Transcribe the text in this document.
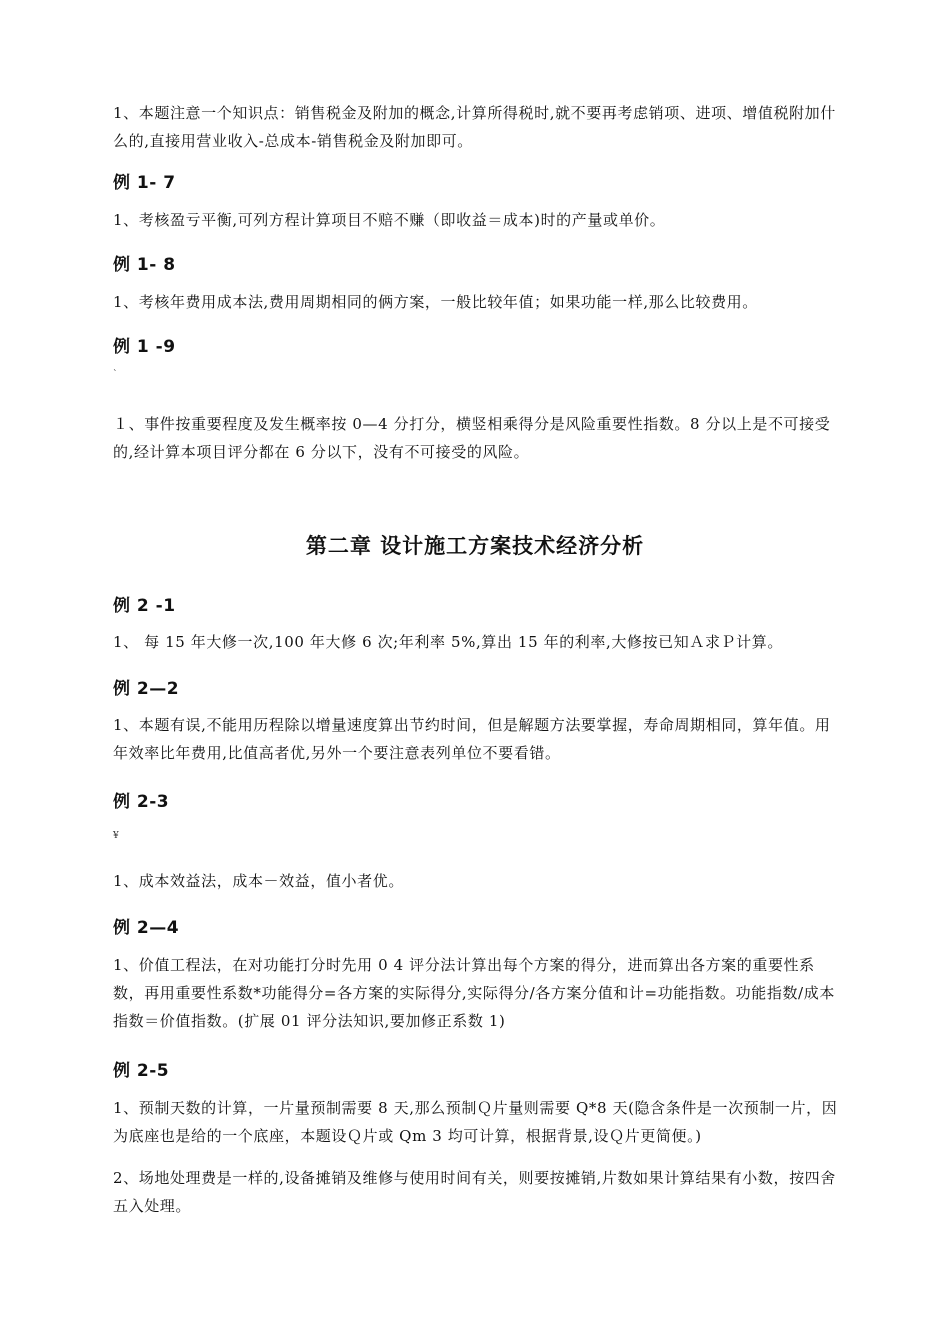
1、本题注意一个知识点：销售税金及附加的概念,计算所得税时,就不要再考虑销项、进项、增值税附加什么的,直接用营业收入-总成本-销售税金及附加即可。
例 1- 7
1、考核盈亏平衡,可列方程计算项目不赔不赚（即收益＝成本)时的产量或单价。
例 1- 8
1、考核年费用成本法,费用周期相同的俩方案，一般比较年值；如果功能一样,那么比较费用。
例 1 -9
`
１、事件按重要程度及发生概率按 0—4 分打分，横竖相乘得分是风险重要性指数。8 分以上是不可接受的,经计算本项目评分都在 6 分以下，没有不可接受的风险。
第二章 设计施工方案技术经济分析
例 2 -1
1、 每 15 年大修一次,100 年大修 6 次;年利率 5%,算出 15 年的利率,大修按已知Ａ求Ｐ计算。
例 2—2
1、本题有误,不能用历程除以增量速度算出节约时间，但是解题方法要掌握，寿命周期相同，算年值。用年效率比年费用,比值高者优,另外一个要注意表列单位不要看错。
例 2-3
¥
1、成本效益法，成本－效益，值小者优。
例 2—4
1、价值工程法，在对功能打分时先用 0 4 评分法计算出每个方案的得分，进而算出各方案的重要性系数，再用重要性系数*功能得分=各方案的实际得分,实际得分/各方案分值和计=功能指数。功能指数/成本指数＝价值指数。(扩展 01 评分法知识,要加修正系数 1)
例 2-5
1、预制天数的计算，一片量预制需要 8 天,那么预制Ｑ片量则需要 Q*8 天(隐含条件是一次预制一片，因为底座也是给的一个底座，本题设Ｑ片或 Qm 3 均可计算，根据背景,设Ｑ片更简便。)
2、场地处理费是一样的,设备摊销及维修与使用时间有关，则要按摊销,片数如果计算结果有小数，按四舍五入处理。
